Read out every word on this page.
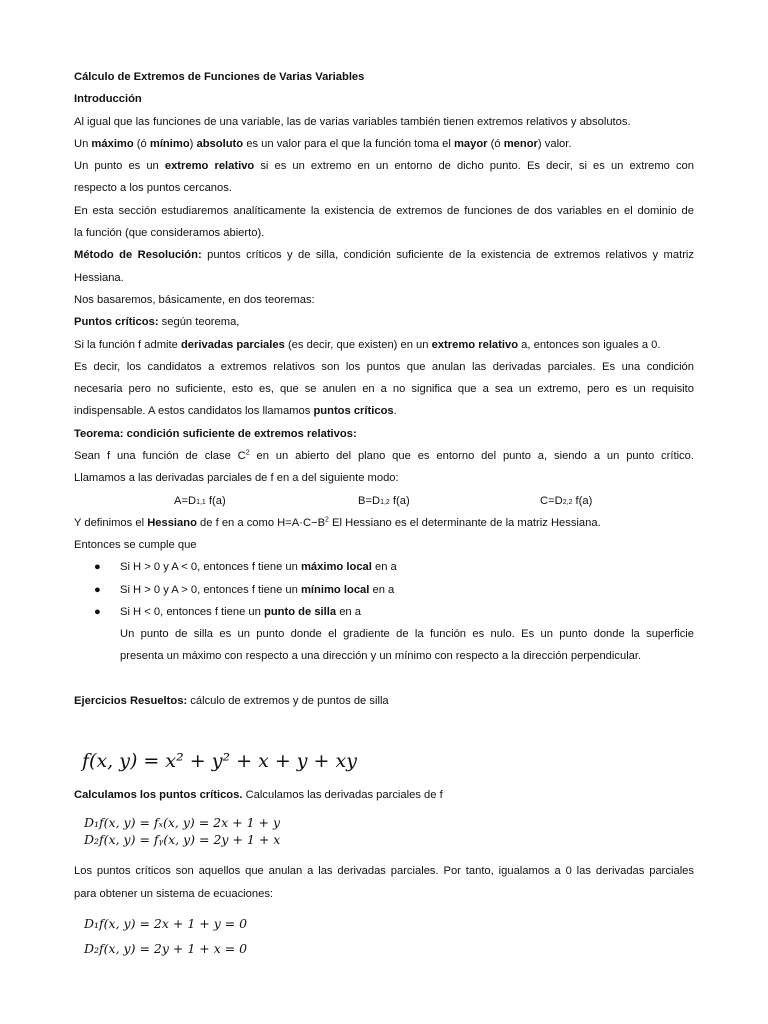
Cálculo de Extremos de Funciones de Varias Variables

Introducción

Al igual que las funciones de una variable, las de varias variables también tienen extremos relativos y absolutos.

Un máximo (ó mínimo) absoluto es un valor para el que la función toma el mayor (ó menor) valor.

Un punto es un extremo relativo si es un extremo en un entorno de dicho punto. Es decir, si es un extremo con

respecto a los puntos cercanos.

En esta sección estudiaremos analíticamente la existencia de extremos de funciones de dos variables en el dominio de

la función (que consideramos abierto).

Método de Resolución: puntos críticos y de silla, condición suficiente de la existencia de extremos relativos y matriz

Hessiana.

Nos basaremos, básicamente, en dos teoremas:

Puntos críticos: según teorema,

Si la función f admite derivadas parciales (es decir, que existen) en un extremo relativo a, entonces son iguales a 0.

Es decir, los candidatos a extremos relativos son los puntos que anulan las derivadas parciales. Es una condición

necesaria pero no suficiente, esto es, que se anulen en a no significa que a sea un extremo, pero es un requisito

indispensable. A estos candidatos los llamamos puntos críticos.

Teorema: condición suficiente de extremos relativos:

Sean f una función de clase $C^2$ en un abierto del plano que es entorno del punto a, siendo a un punto crítico.

Llamamos a las derivadas parciales de f en a del siguiente modo:

A=D1,1 f(a)	B=D1,2 f(a)	C=D2,2 f(a)

Y definimos el Hessiano de f en a como $H=A\cdot C-B^2$ El Hessiano es el determinante de la matriz Hessiana.

Entonces se cumple que

● Si H > 0 y A < 0, entonces f tiene un máximo local en a
● Si H > 0 y A > 0, entonces f tiene un mínimo local en a
● Si H < 0, entonces f tiene un punto de silla en a

Un punto de silla es un punto donde el gradiente de la función es nulo. Es un punto donde la superficie

presenta un máximo con respecto a una dirección y un mínimo con respecto a la dirección perpendicular.

Ejercicios Resueltos: cálculo de extremos y de puntos de silla

f(x, y) = x² + y² + x + y + xy

Calculamos los puntos críticos. Calculamos las derivadas parciales de f

D₁f(x, y) = fₓ(x, y) = 2x + 1 + y
D₂f(x, y) = fᵧ(x, y) = 2y + 1 + x

Los puntos críticos son aquellos que anulan a las derivadas parciales. Por tanto, igualamos a 0 las derivadas parciales

para obtener un sistema de ecuaciones:

D₁f(x, y) = 2x + 1 + y = 0
D₂f(x, y) = 2y + 1 + x = 0
